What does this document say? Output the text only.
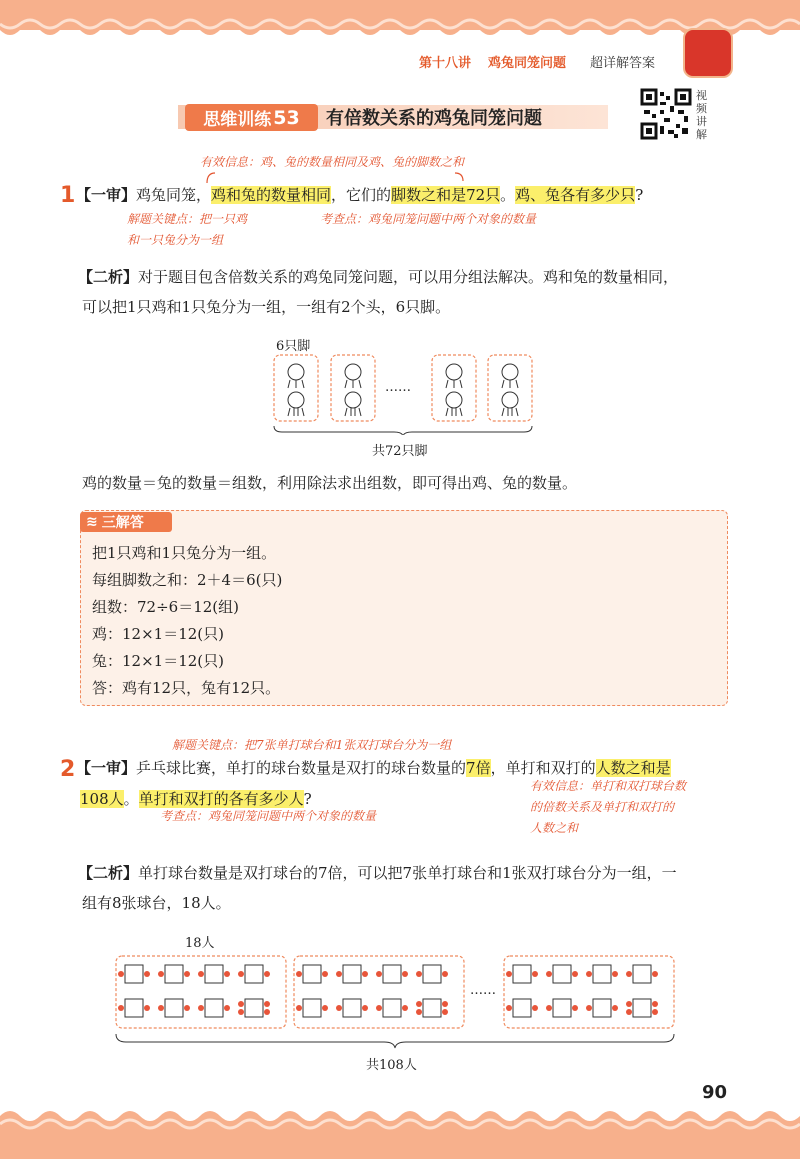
第十八讲 鸡兔同笼问题 超详解答案
思维训练 53 有倍数关系的鸡兔同笼问题
视频讲解
有效信息：鸡、兔的数量相同及鸡、兔的脚数之和
1 【一审】鸡兔同笼，鸡和兔的数量相同，它们的脚数之和是72只。鸡、兔各有多少只?
解题关键点：把一只鸡
和一只兔分为一组
考查点：鸡兔同笼问题中两个对象的数量
【二析】对于题目包含倍数关系的鸡兔同笼问题，可以用分组法解决。鸡和兔的数量相同，
可以把1只鸡和1只兔分为一组，一组有2个头，6只脚。
6只脚
……
共72只脚
鸡的数量＝兔的数量＝组数，利用除法求出组数，即可得出鸡、兔的数量。
≋ 三解答
把1只鸡和1只兔分为一组。
每组脚数之和：2＋4＝6(只)
组数：72÷6＝12(组)
鸡：12×1＝12(只)
兔：12×1＝12(只)
答：鸡有12只，兔有12只。
解题关键点：把7张单打球台和1张双打球台分为一组
2 【一审】乒乓球比赛，单打的球台数量是双打的球台数量的7倍，单打和双打的人数之和是
108人。单打和双打的各有多少人?
有效信息：单打和双打球台数
的倍数关系及单打和双打的
人数之和
考查点：鸡兔同笼问题中两个对象的数量
【二析】单打球台数量是双打球台的7倍，可以把7张单打球台和1张双打球台分为一组，一
组有8张球台，18人。
18人
……
共108人
90
